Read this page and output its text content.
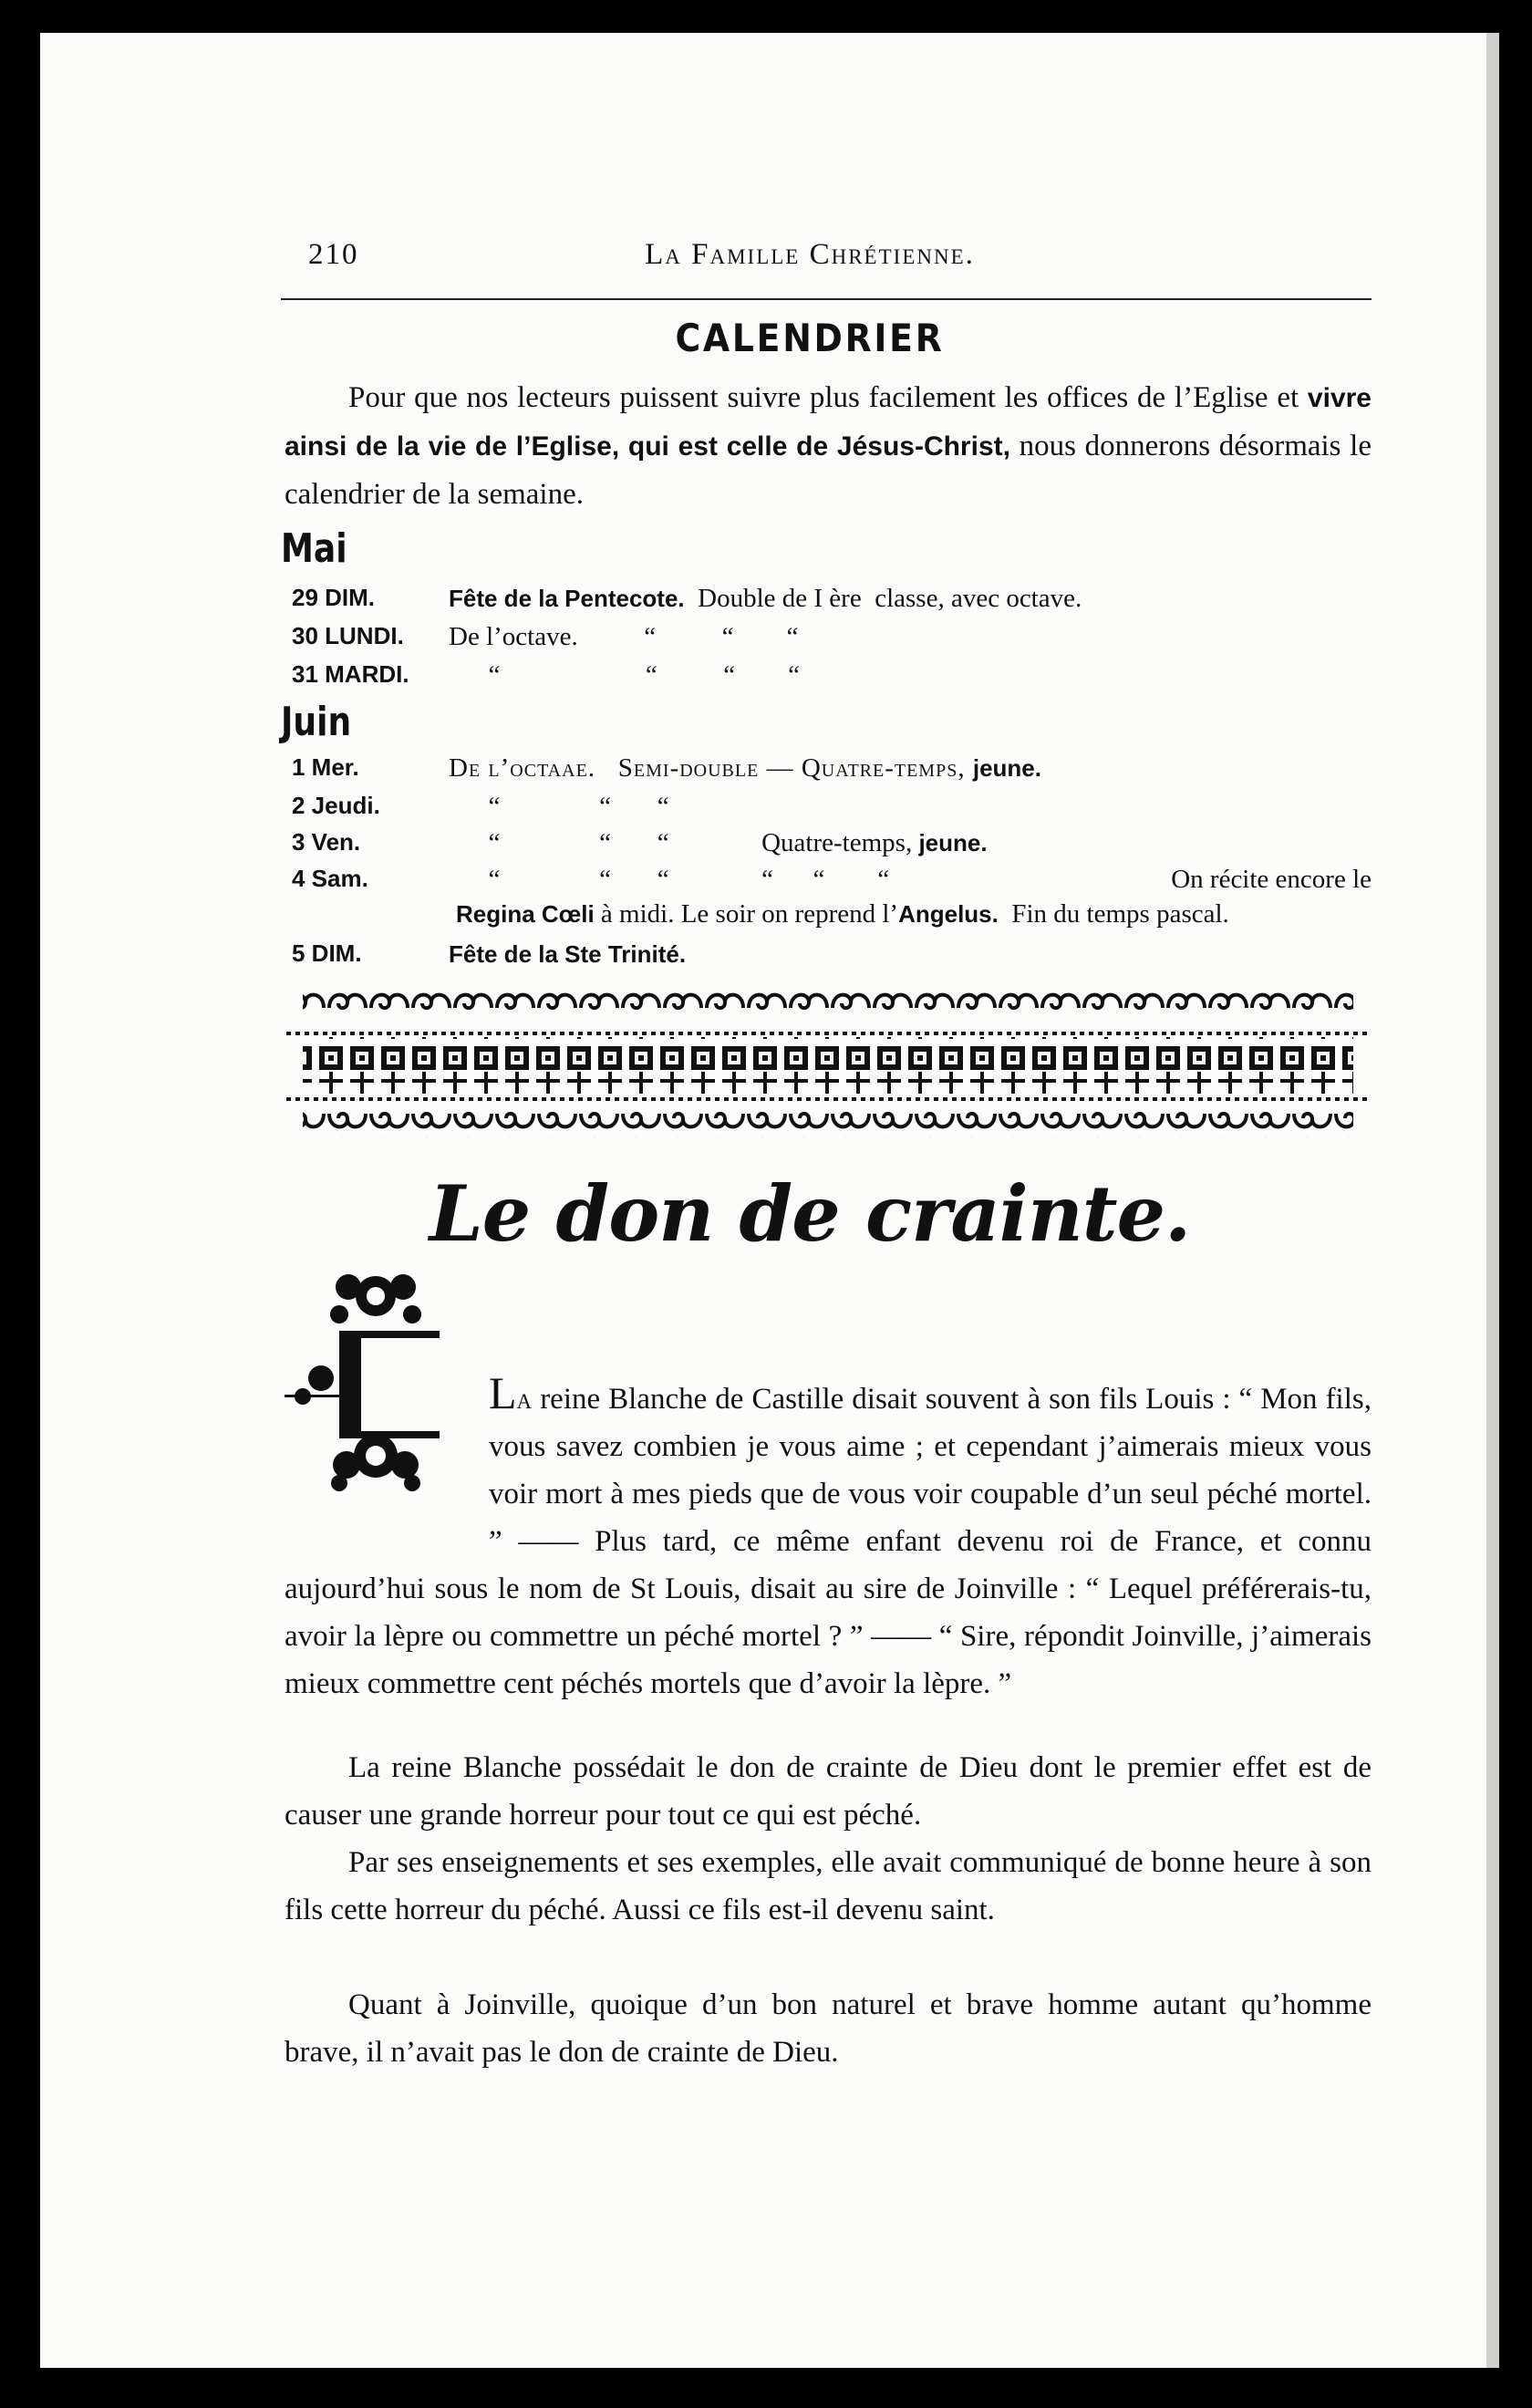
210	La Famille Chrétienne.
CALENDRIER

Pour que nos lecteurs puissent suivre plus facilement les offices de l’Eglise et vivre ainsi de la vie de l’Eglise, qui est celle de Jésus-Christ, nous donnerons désormais le calendrier de la semaine.

Mai
29 DIM.	Fête de la Pentecote.  Double de I ère  classe, avec octave.
30 LUNDI. De l’octave.          “          “        “
31 MARDI. “                      “          “        “
Juin
1 Mer.	De l’octaae.   Semi-double — Quatre-temps, jeune.
2 Jeudi.	“               “       “
3 Ven.	“               “       “              Quatre-temps, jeune.
4 Sam.	“               “       “              “      “        “	On récite encore le
Regina Cœli à midi. Le soir on reprend l’Angelus.  Fin du temps pascal.
5 DIM.	Fête de la Ste Trinité.
Le don de crainte.

La reine Blanche de Castille disait souvent à son fils Louis : “ Mon fils, vous savez combien je vous aime ; et cependant j’aimerais mieux vous voir mort à mes pieds que de vous voir coupable d’un seul péché mortel. ” —— Plus tard, ce même enfant devenu roi de France, et connu aujourd’hui sous le nom de St Louis, disait au sire de Joinville : “ Lequel préférerais-tu, avoir la lèpre ou commettre un péché mortel ? ” —— “ Sire, répondit Joinville, j’aimerais mieux commettre cent péchés mortels que d’avoir la lèpre. ”

La reine Blanche possédait le don de crainte de Dieu dont le premier effet est de causer une grande horreur pour tout ce qui est péché.

Par ses enseignements et ses exemples, elle avait communiqué de bonne heure à son fils cette horreur du péché. Aussi ce fils est-il devenu saint.

Quant à Joinville, quoique d’un bon naturel et brave homme autant qu’homme brave, il n’avait pas le don de crainte de Dieu.
